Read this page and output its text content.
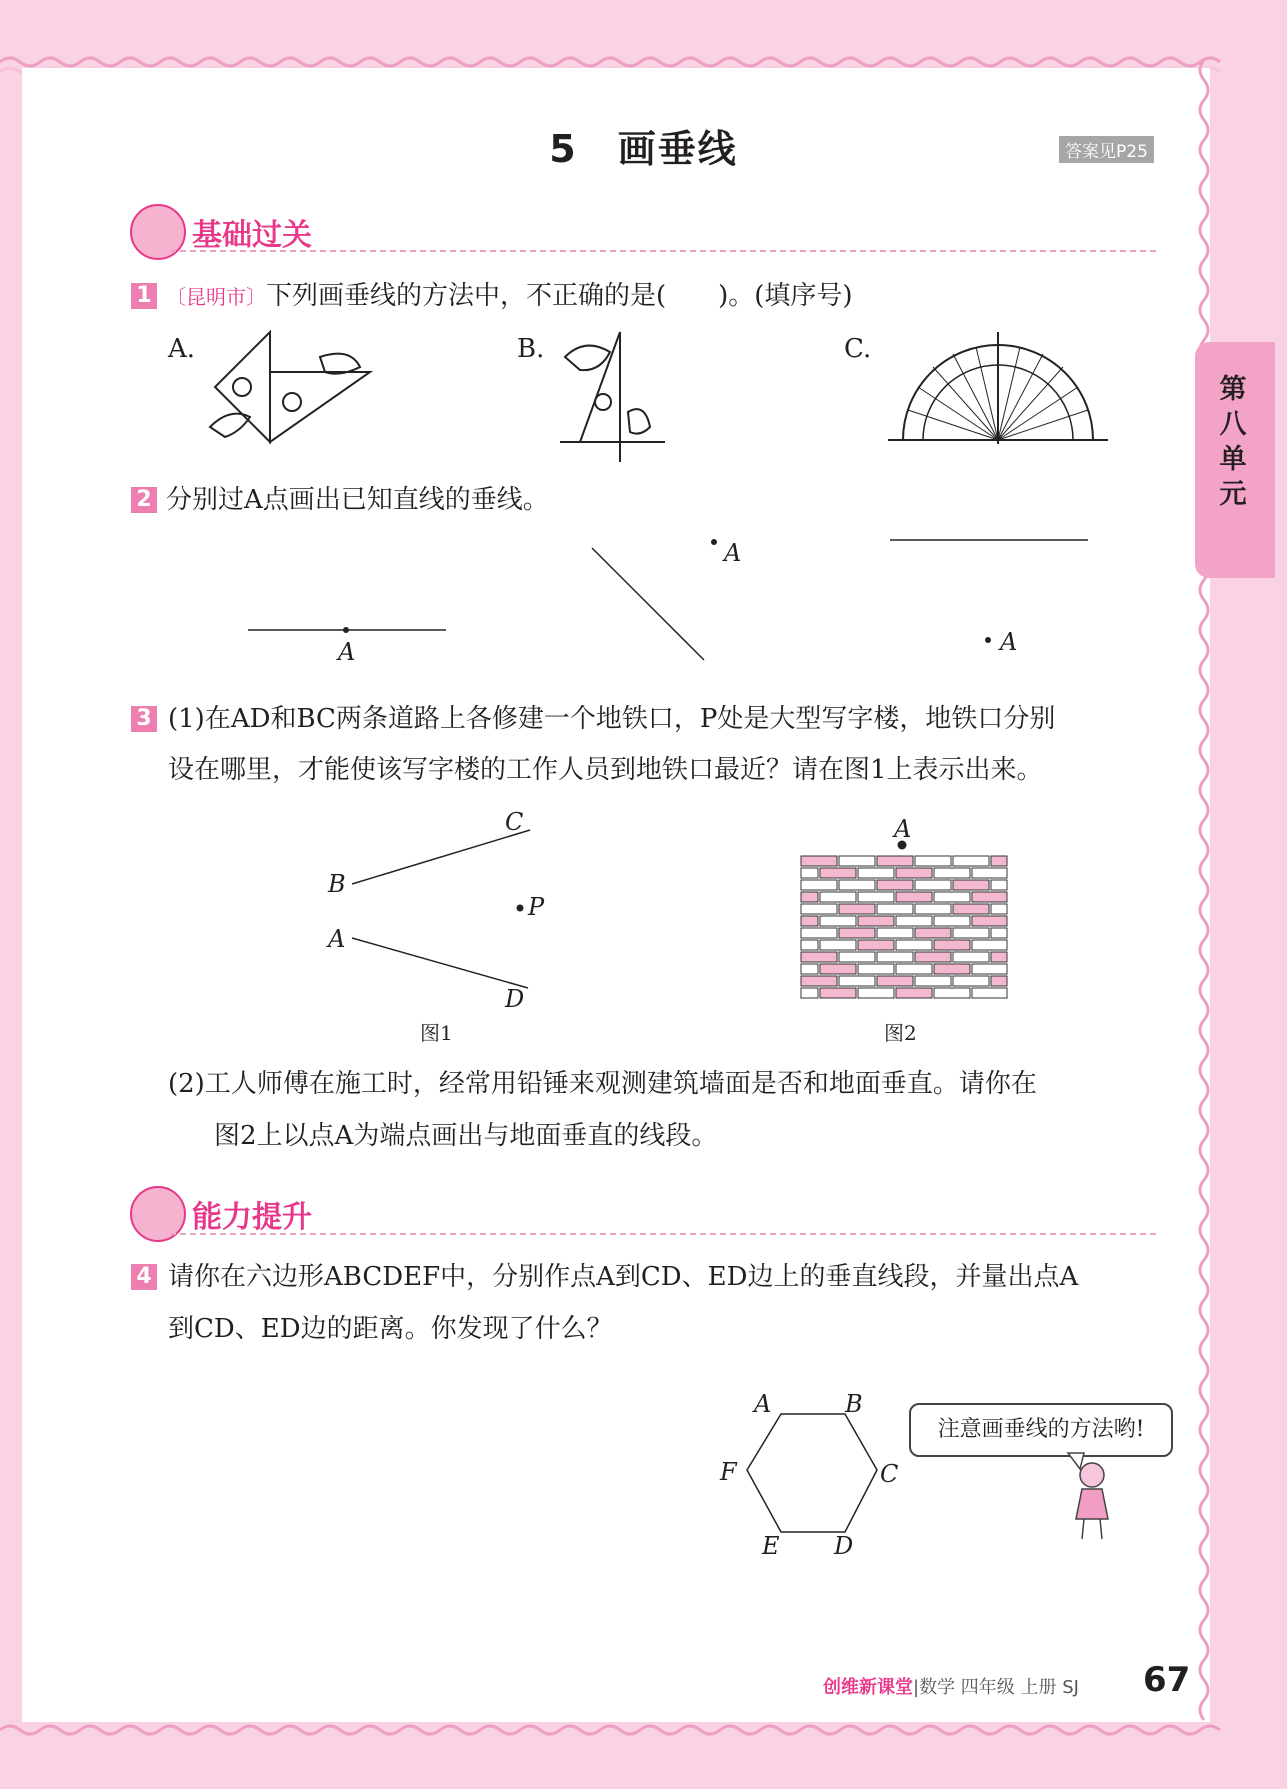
5　画垂线	答案见P25
第八单元
基础过关
1 〔昆明市〕下列画垂线的方法中，不正确的是(　　)。(填序号)
A.	B.	C.
2 分别过A点画出已知直线的垂线。
A
A
A
3 (1)在AD和BC两条道路上各修建一个地铁口，P处是大型写字楼，地铁口分别
设在哪里，才能使该写字楼的工作人员到地铁口最近？请在图1上表示出来。
C
B
P
A
D
图1
A
图2
(2)工人师傅在施工时，经常用铅锤来观测建筑墙面是否和地面垂直。请你在
图2上以点A为端点画出与地面垂直的线段。
能力提升
4 请你在六边形ABCDEF中，分别作点A到CD、ED边上的垂直线段，并量出点A
到CD、ED边的距离。你发现了什么？
A	B
C
D
E
F
注意画垂线的方法哟!
创维新课堂|数学 四年级 上册 SJ 67
